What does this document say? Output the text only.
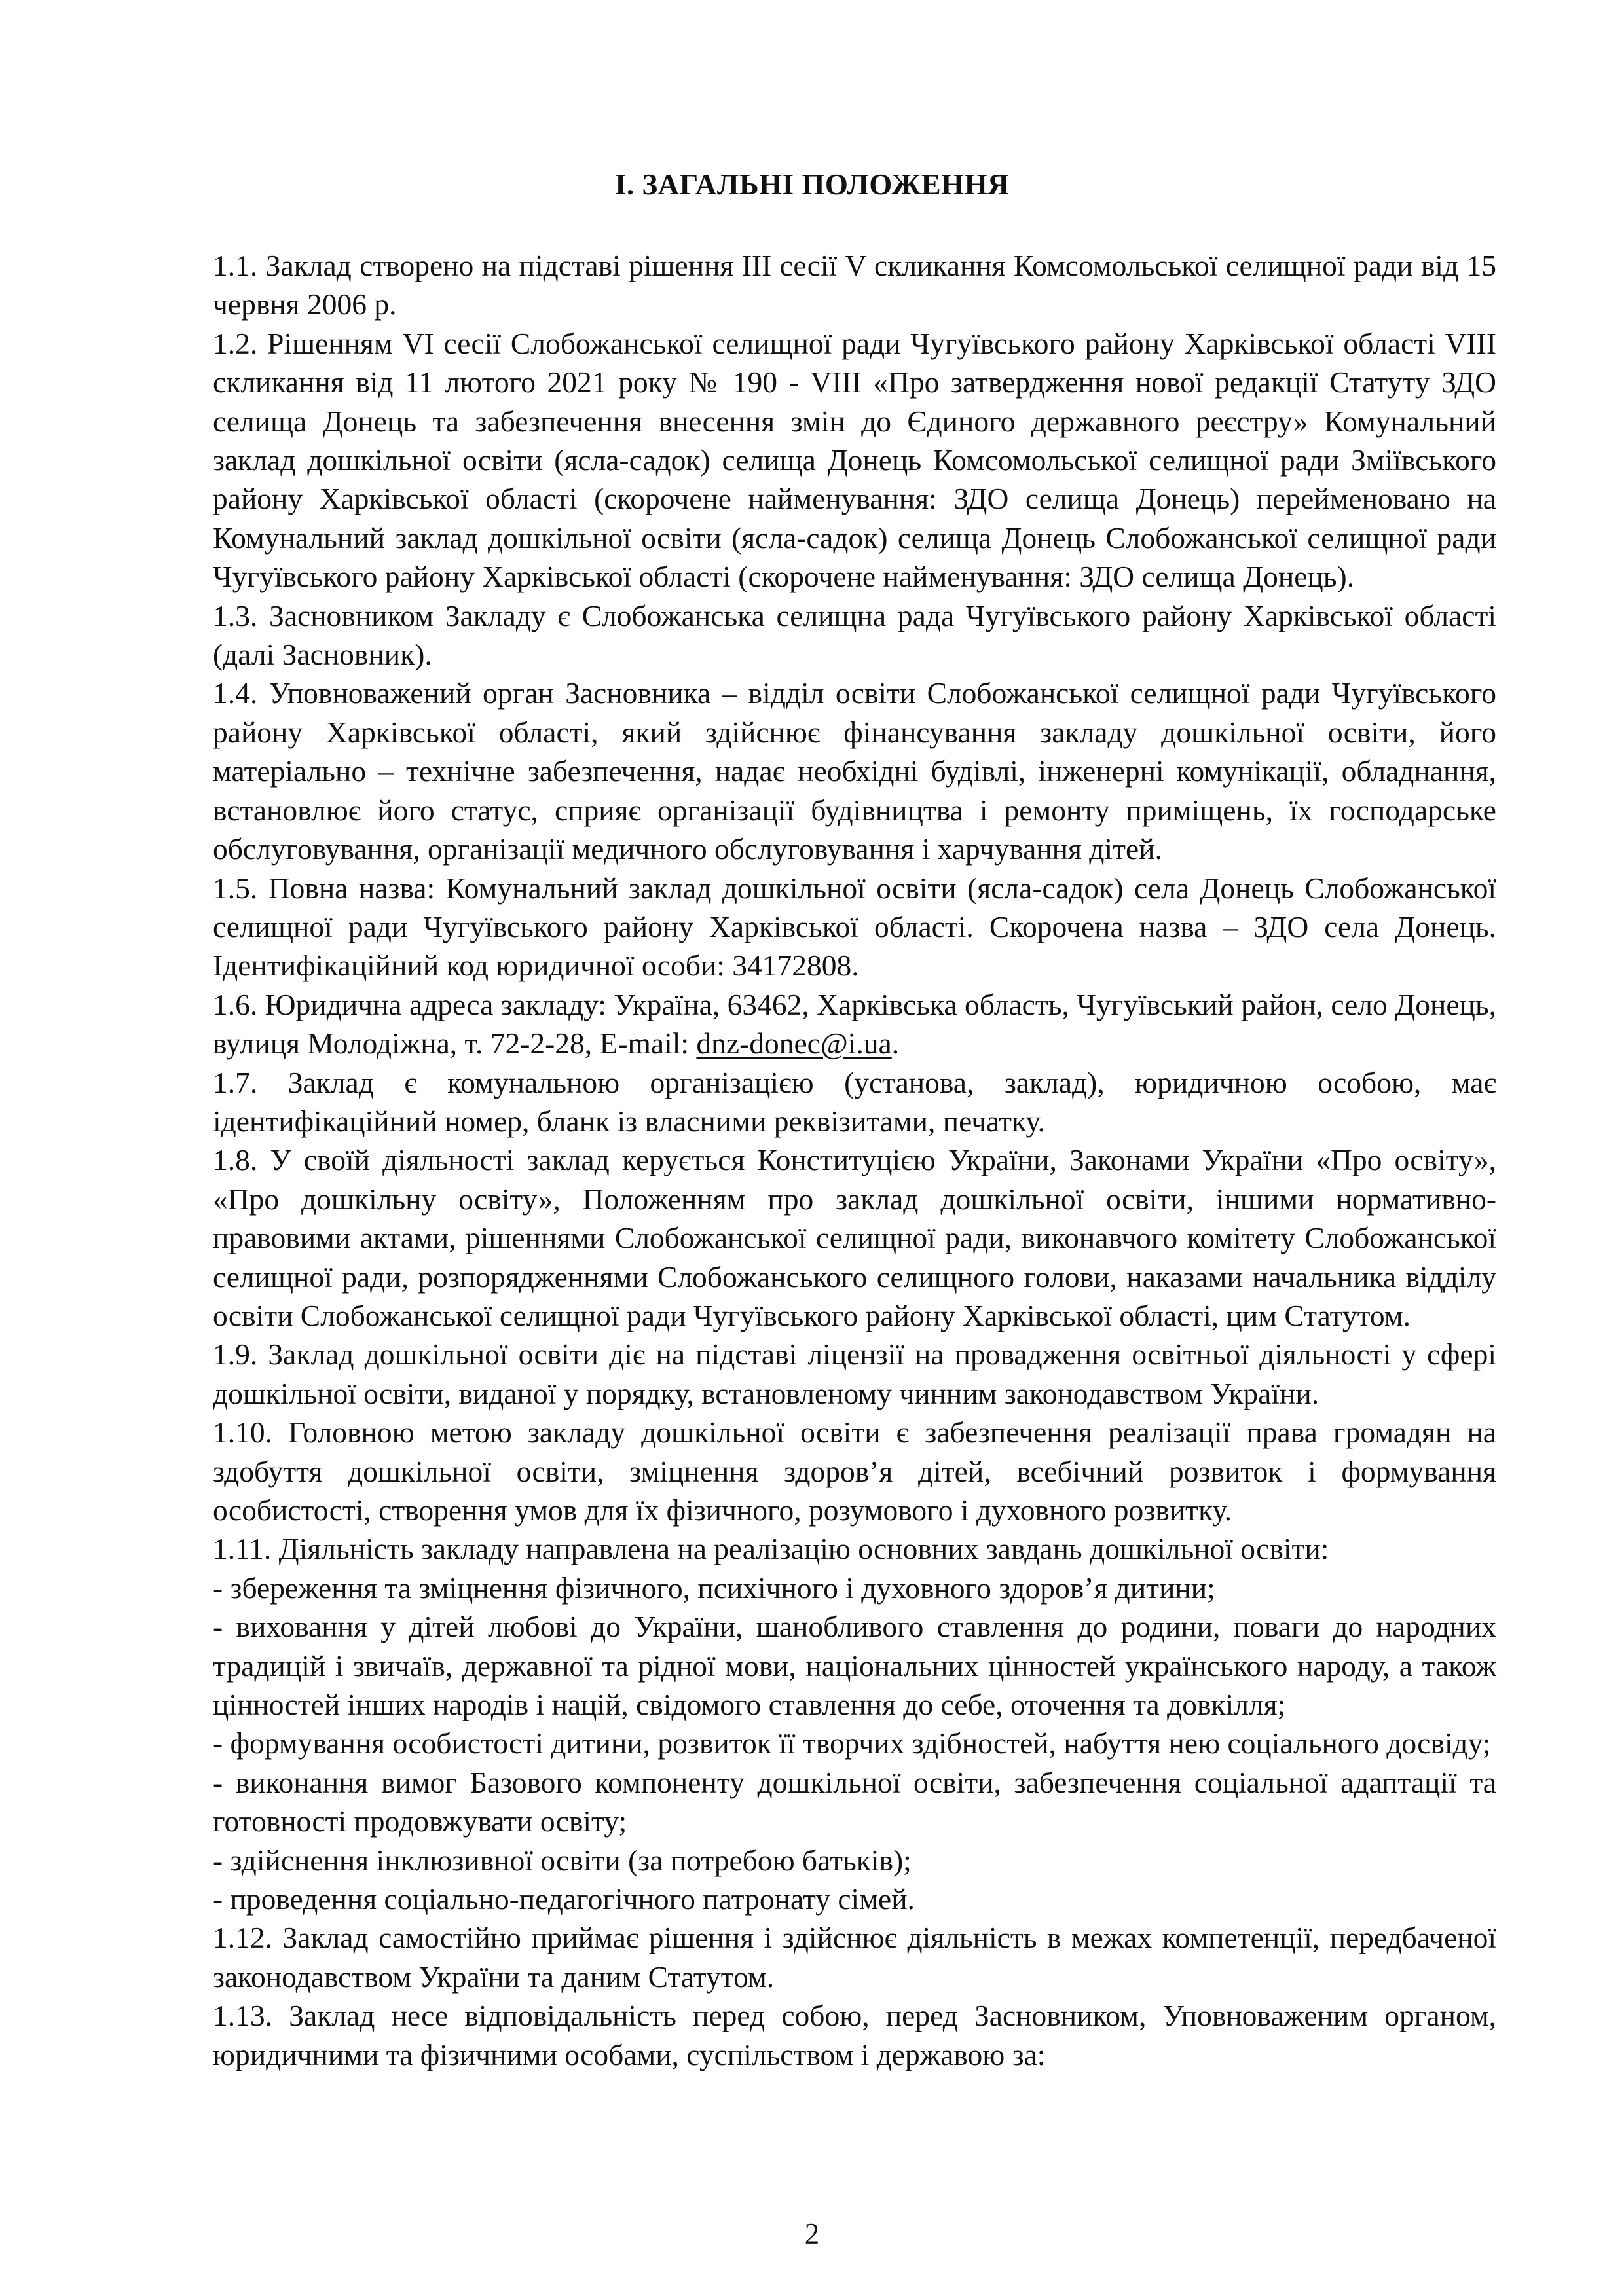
I. ЗАГАЛЬНІ ПОЛОЖЕННЯ

1.1. Заклад створено на підставі рішення ІІІ сесії V скликання Комсомольської селищної ради від 15 червня 2006 р.

1.2. Рішенням VI сесії Слобожанської селищної ради Чугуївського району Харківської області VIII скликання від 11 лютого 2021 року № 190 - VIII «Про затвердження нової редакції Статуту ЗДО селища Донець та забезпечення внесення змін до Єдиного державного реєстру» Комунальний заклад дошкільної освіти (ясла-садок) селища Донець Комсомольської селищної ради Зміївського району Харківської області (скорочене найменування: ЗДО селища Донець) перейменовано на Комунальний заклад дошкільної освіти (ясла-садок) селища Донець Слобожанської селищної ради Чугуївського району Харківської області (скорочене найменування: ЗДО селища Донець).

1.3. Засновником Закладу є Слобожанська селищна рада Чугуївського району Харківської області (далі Засновник).

1.4. Уповноважений орган Засновника – відділ освіти Слобожанської селищної ради Чугуївського району Харківської області, який здійснює фінансування закладу дошкільної освіти, його матеріально – технічне забезпечення, надає необхідні будівлі, інженерні комунікації, обладнання, встановлює його статус, сприяє організації будівництва і ремонту приміщень, їх господарське обслуговування, організації медичного обслуговування і харчування дітей.

1.5. Повна назва: Комунальний заклад дошкільної освіти (ясла-садок) села Донець Слобожанської селищної ради Чугуївського району Харківської області. Скорочена назва – ЗДО села Донець. Ідентифікаційний код юридичної особи: 34172808.

1.6. Юридична адреса закладу: Україна, 63462, Харківська область, Чугуївський район, село Донець, вулиця Молодіжна, т. 72-2-28, E-mail: dnz-donec@i.ua.

1.7. Заклад є комунальною організацією (установа, заклад), юридичною особою, має ідентифікаційний номер, бланк із власними реквізитами, печатку.

1.8. У своїй діяльності заклад керується Конституцією України, Законами України «Про освіту», «Про дошкільну освіту», Положенням про заклад дошкільної освіти, іншими нормативно-правовими актами, рішеннями Слобожанської селищної ради, виконавчого комітету Слобожанської селищної ради, розпорядженнями Слобожанського селищного голови, наказами начальника відділу освіти Слобожанської селищної ради Чугуївського району Харківської області, цим Статутом.

1.9. Заклад дошкільної освіти діє на підставі ліцензії на провадження освітньої діяльності у сфері дошкільної освіти, виданої у порядку, встановленому чинним законодавством України.

1.10. Головною метою закладу дошкільної освіти є забезпечення реалізації права громадян на здобуття дошкільної освіти, зміцнення здоров’я дітей, всебічний розвиток і формування особистості, створення умов для їх фізичного, розумового і духовного розвитку.

1.11. Діяльність закладу направлена на реалізацію основних завдань дошкільної освіти:

- збереження та зміцнення фізичного, психічного і духовного здоров’я дитини;

- виховання у дітей любові до України, шанобливого ставлення до родини, поваги до народних традицій і звичаїв, державної та рідної мови, національних цінностей українського народу, а також цінностей інших народів і націй, свідомого ставлення до себе, оточення та довкілля;

- формування особистості дитини, розвиток її творчих здібностей, набуття нею соціального досвіду;

- виконання вимог Базового компоненту дошкільної освіти, забезпечення соціальної адаптації та готовності продовжувати освіту;

- здійснення інклюзивної освіти (за потребою батьків);

- проведення соціально-педагогічного патронату сімей.

1.12. Заклад самостійно приймає рішення і здійснює діяльність в межах компетенції, передбаченої законодавством України та даним Статутом.

1.13. Заклад несе відповідальність перед собою, перед Засновником, Уповноваженим органом, юридичними та фізичними особами, суспільством і державою за:

2
